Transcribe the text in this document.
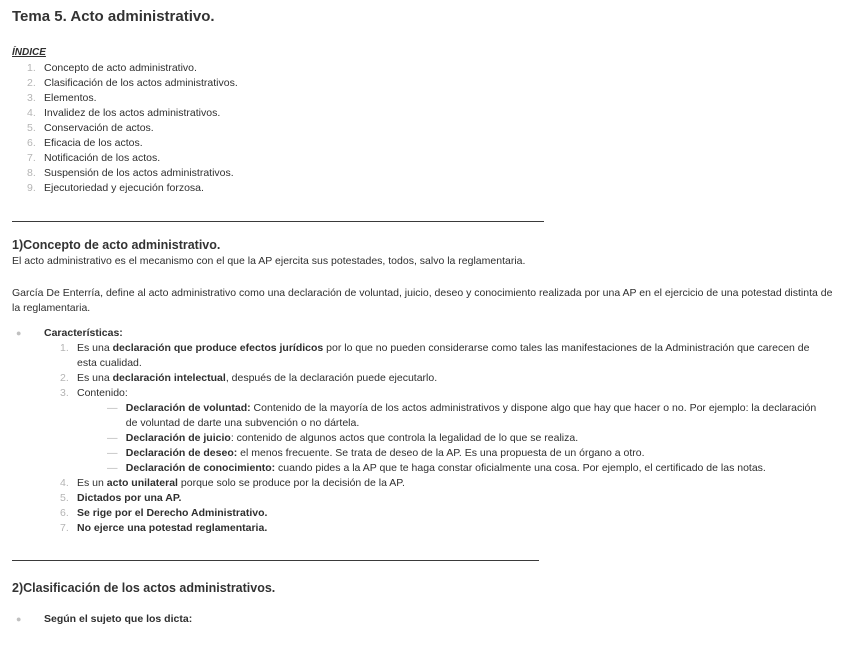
Tema 5. Acto administrativo.
ÍNDICE
1. Concepto de acto administrativo.
2. Clasificación de los actos administrativos.
3. Elementos.
4. Invalidez de los actos administrativos.
5. Conservación de actos.
6. Eficacia de los actos.
7. Notificación de los actos.
8. Suspensión de los actos administrativos.
9. Ejecutoriedad y ejecución forzosa.
1)Concepto de acto administrativo.

El acto administrativo es el mecanismo con el que la AP ejercita sus potestades, todos, salvo la reglamentaria.

García De Enterría, define al acto administrativo como una declaración de voluntad, juicio, deseo y conocimiento realizada por una AP en el ejercicio de una potestad distinta de la reglamentaria.

●	Características:
1. Es una declaración que produce efectos jurídicos por lo que no pueden considerarse como tales las manifestaciones de la Administración que carecen de esta cualidad.
2. Es una declaración intelectual, después de la declaración puede ejecutarlo.
3. Contenido:
— Declaración de voluntad: Contenido de la mayoría de los actos administrativos y dispone algo que hay que hacer o no. Por ejemplo: la declaración de voluntad de darte una subvención o no dártela.
— Declaración de juicio: contenido de algunos actos que controla la legalidad de lo que se realiza.
— Declaración de deseo: el menos frecuente. Se trata de deseo de la AP. Es una propuesta de un órgano a otro.
— Declaración de conocimiento: cuando pides a la AP que te haga constar oficialmente una cosa. Por ejemplo, el certificado de las notas.
4. Es un acto unilateral porque solo se produce por la decisión de la AP.
5. Dictados por una AP.
6. Se rige por el Derecho Administrativo.
7. No ejerce una potestad reglamentaria.
2)Clasificación de los actos administrativos.
●	Según el sujeto que los dicta:
